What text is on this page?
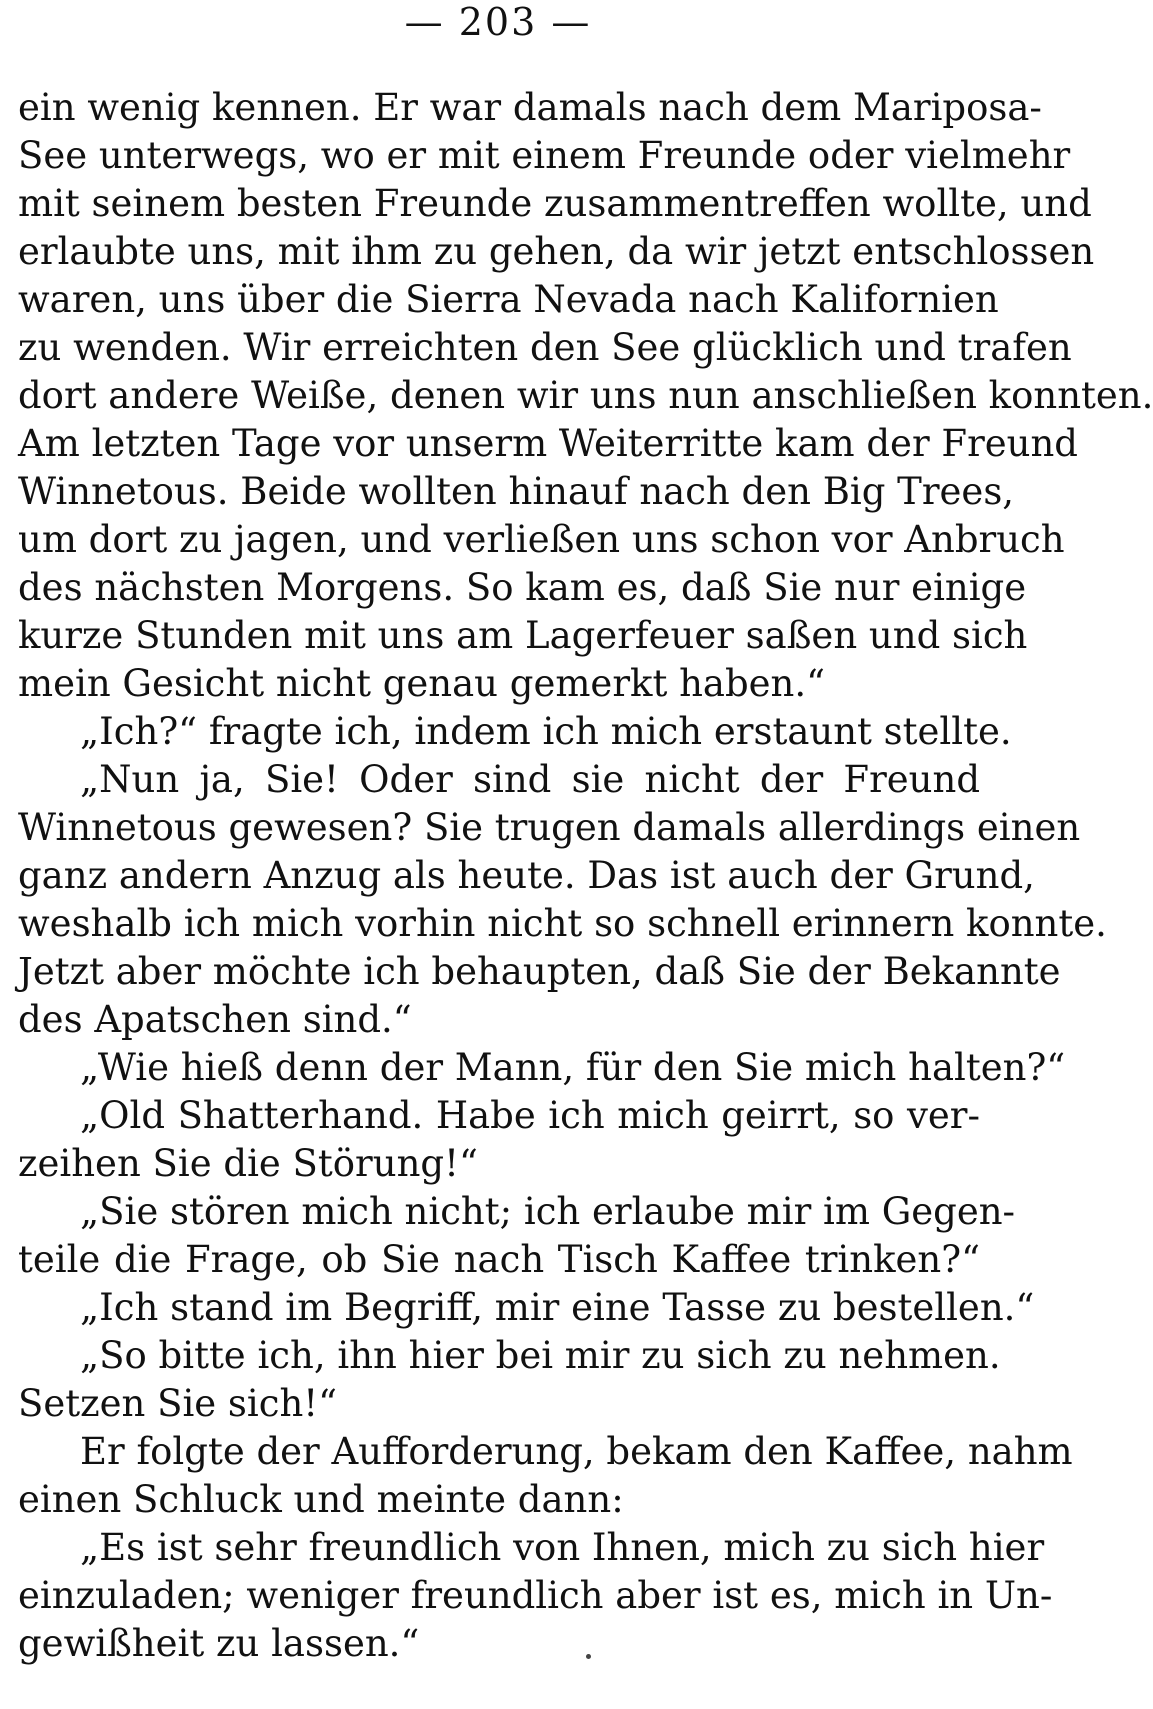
— 203 —
ein wenig kennen. Er war damals nach dem Mariposa-
See unterwegs, wo er mit einem Freunde oder vielmehr
mit seinem besten Freunde zusammentreffen wollte, und
erlaubte uns, mit ihm zu gehen, da wir jetzt entschlossen
waren, uns über die Sierra Nevada nach Kalifornien
zu wenden. Wir erreichten den See glücklich und trafen
dort andere Weiße, denen wir uns nun anschließen konnten.
Am letzten Tage vor unserm Weiterritte kam der Freund
Winnetous. Beide wollten hinauf nach den Big Trees,
um dort zu jagen, und verließen uns schon vor Anbruch
des nächsten Morgens. So kam es, daß Sie nur einige
kurze Stunden mit uns am Lagerfeuer saßen und sich
mein Gesicht nicht genau gemerkt haben.“
„Ich?“ fragte ich, indem ich mich erstaunt stellte.
„Nun ja, Sie! Oder sind sie nicht der Freund
Winnetous gewesen? Sie trugen damals allerdings einen
ganz andern Anzug als heute. Das ist auch der Grund,
weshalb ich mich vorhin nicht so schnell erinnern konnte.
Jetzt aber möchte ich behaupten, daß Sie der Bekannte
des Apatschen sind.“
„Wie hieß denn der Mann, für den Sie mich halten?“
„Old Shatterhand. Habe ich mich geirrt, so ver-
zeihen Sie die Störung!“
„Sie stören mich nicht; ich erlaube mir im Gegen-
teile die Frage, ob Sie nach Tisch Kaffee trinken?“
„Ich stand im Begriff, mir eine Tasse zu bestellen.“
„So bitte ich, ihn hier bei mir zu sich zu nehmen.
Setzen Sie sich!“
Er folgte der Aufforderung, bekam den Kaffee, nahm
einen Schluck und meinte dann:
„Es ist sehr freundlich von Ihnen, mich zu sich hier
einzuladen; weniger freundlich aber ist es, mich in Un-
gewißheit zu lassen.“
